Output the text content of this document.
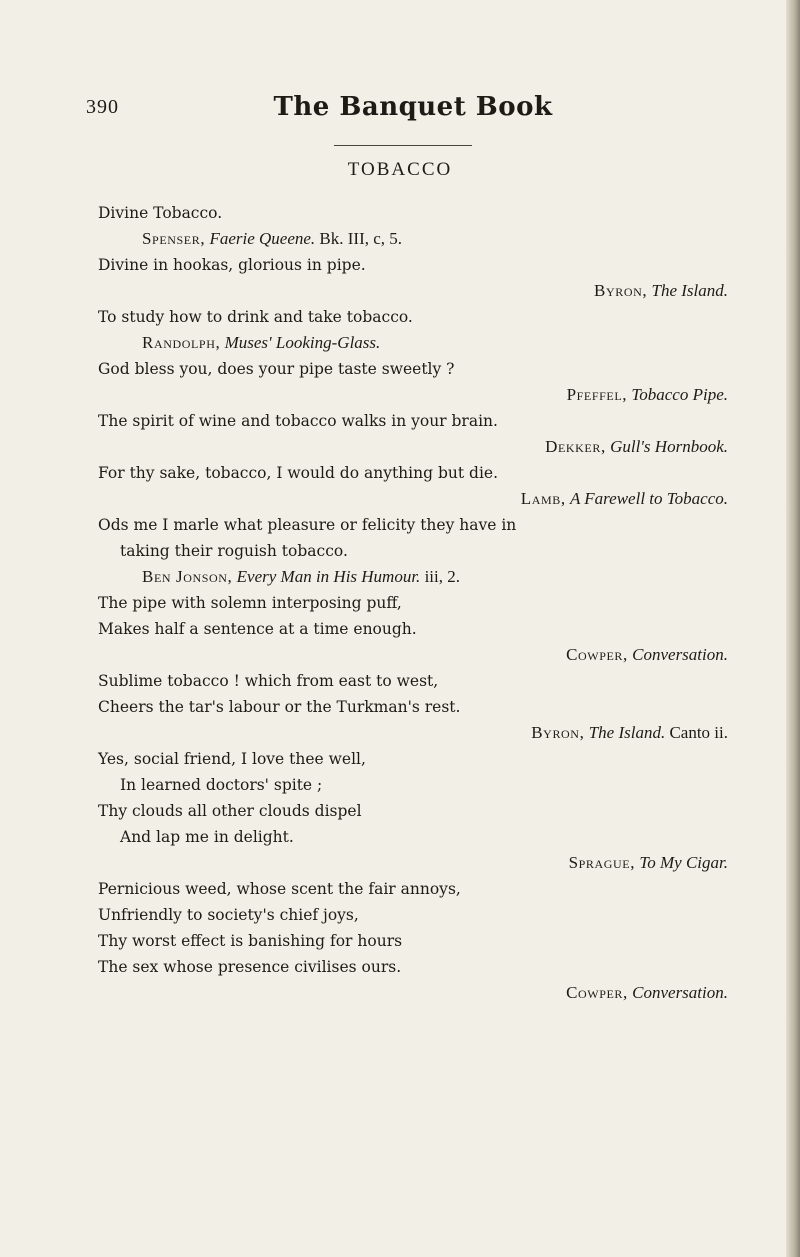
390	The Banquet Book
TOBACCO
Divine Tobacco.
Spenser, Faerie Queene. Bk. III, c, 5.
Divine in hookas, glorious in pipe.
Byron, The Island.
To study how to drink and take tobacco.
Randolph, Muses' Looking-Glass.
God bless you, does your pipe taste sweetly ?
Pfeffel, Tobacco Pipe.
The spirit of wine and tobacco walks in your brain.
Dekker, Gull's Hornbook.
For thy sake, tobacco, I would do anything but die.
Lamb, A Farewell to Tobacco.
Ods me I marle what pleasure or felicity they have in
taking their roguish tobacco.
Ben Jonson, Every Man in His Humour. iii, 2.
The pipe with solemn interposing puff,
Makes half a sentence at a time enough.
Cowper, Conversation.
Sublime tobacco ! which from east to west,
Cheers the tar's labour or the Turkman's rest.
Byron, The Island. Canto ii.
Yes, social friend, I love thee well,
In learned doctors' spite ;
Thy clouds all other clouds dispel
And lap me in delight.
Sprague, To My Cigar.
Pernicious weed, whose scent the fair annoys,
Unfriendly to society's chief joys,
Thy worst effect is banishing for hours
The sex whose presence civilises ours.
Cowper, Conversation.
